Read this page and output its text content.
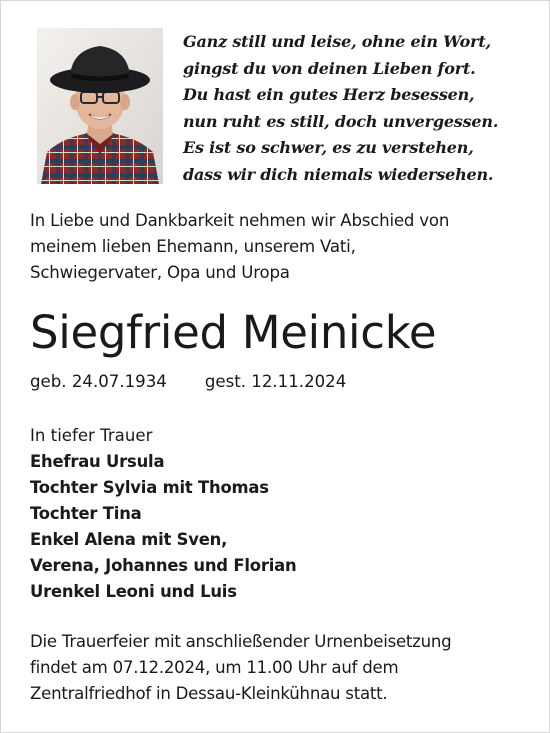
Ganz still und leise, ohne ein Wort,
gingst du von deinen Lieben fort.
Du hast ein gutes Herz besessen,
nun ruht es still, doch unvergessen.
Es ist so schwer, es zu verstehen,
dass wir dich niemals wiedersehen.
In Liebe und Dankbarkeit nehmen wir Abschied von
meinem lieben Ehemann, unserem Vati,
Schwiegervater, Opa und Uropa
Siegfried Meinicke
geb. 24.07.1934 gest. 12.11.2024
In tiefer Trauer
Ehefrau Ursula
Tochter Sylvia mit Thomas
Tochter Tina
Enkel Alena mit Sven,
Verena, Johannes und Florian
Urenkel Leoni und Luis
Die Trauerfeier mit anschließender Urnenbeisetzung
findet am 07.12.2024, um 11.00 Uhr auf dem
Zentralfriedhof in Dessau-Kleinkühnau statt.
